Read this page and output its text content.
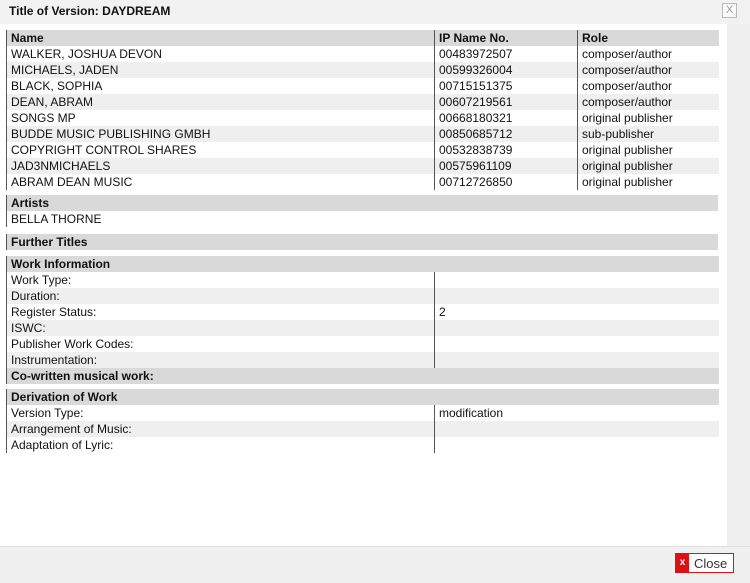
Title of Version: DAYDREAM	X
Name	IP Name No.	Role
WALKER, JOSHUA DEVON	00483972507	composer/author
MICHAELS, JADEN	00599326004	composer/author
BLACK, SOPHIA	00715151375	composer/author
DEAN, ABRAM	00607219561	composer/author
SONGS MP	00668180321	original publisher
BUDDE MUSIC PUBLISHING GMBH	00850685712	sub-publisher
COPYRIGHT CONTROL SHARES	00532838739	original publisher
JAD3NMICHAELS	00575961109	original publisher
ABRAM DEAN MUSIC	00712726850	original publisher
Artists
BELLA THORNE
Further Titles
Work Information	
Work Type:	
Duration:	
Register Status:	2
ISWC:	
Publisher Work Codes:	
Instrumentation:	
Co-written musical work:	
Derivation of Work	
Version Type:	modification
Arrangement of Music:	
Adaptation of Lyric:	
x Close
